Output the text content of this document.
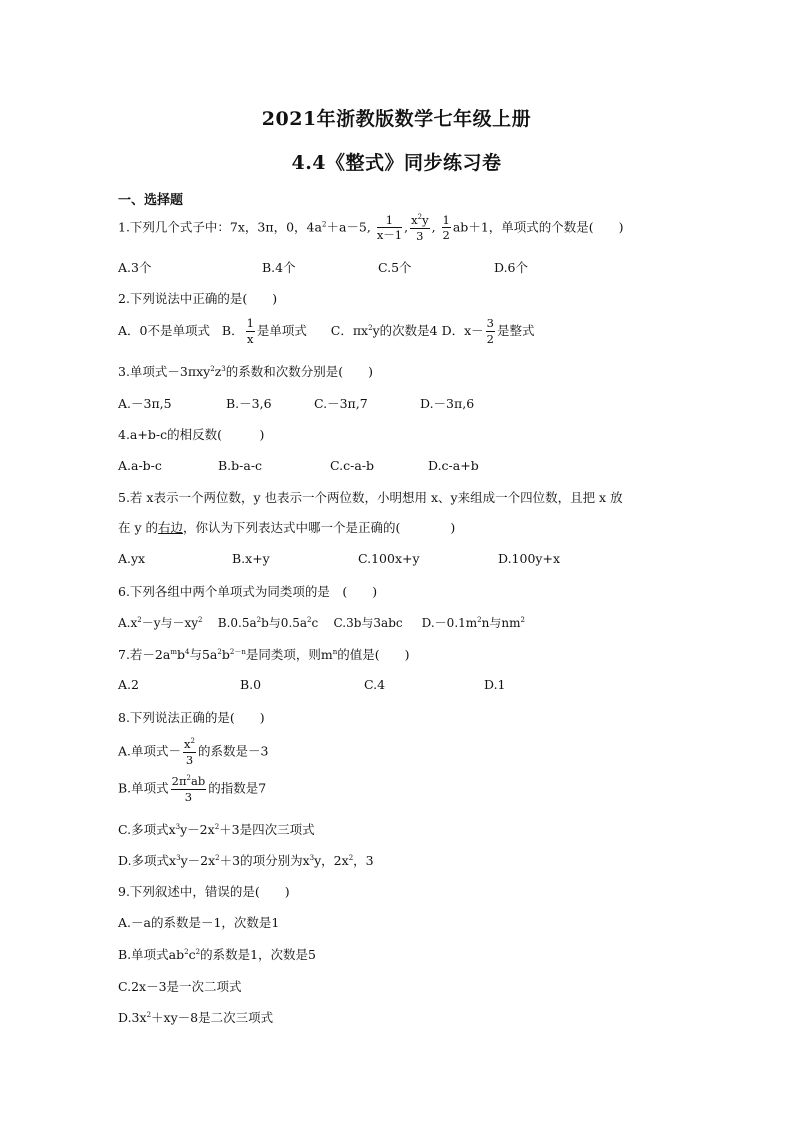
2021年浙教版数学七年级上册
4.4《整式》同步练习卷
一、选择题
1.下列几个式子中：7x，3π，0，$4a^2+a-5$, $\frac{1}{x-1}$ , $\frac{x^2y}{3}$ , $\frac{1}{2} ab+1$，单项式的个数是(　　)
A.3个	B.4个	C.5个	D.6个
2.下列说法中正确的是(　　)
A．0不是单项式 B． $\frac{1}{x}$ 是单项式 C．$\pi x^2y$的次数是4 D．$x- \frac{3}{2}$ 是整式
3.单项式$-3\pi xy^2z^3$的系数和次数分别是(　　)
A.－3π,5	B.－3,6	C.－3π,7	D.－3π,6
4.a+b-c的相反数(　　　)
A.a-b-c	B.b-a-c	C.c-a-b	D.c-a+b
5.若 x表示一个两位数，y 也表示一个两位数，小明想用 x、y来组成一个四位数，且把 x 放
在 y 的右边，你认为下列表达式中哪一个是正确的(　　　　)
A.yx	B.x+y	C.100x+y	D.100y+x
6.下列各组中两个单项式为同类项的是　(　　)
$A.x^2-y$与$-xy^2$ $B.0.5a^2b$与$0.5a^2c$ C.3b与3abc $D.-0.1m^2n$与$nm^2$
7.若$-2a^mb^4$与$5a^2b^{2-n}$是同类项，则$m^n$的值是(　　)
A.2	B.0	C.4	D.1
8.下列说法正确的是(　　)
A.单项式－ $\frac{x^2}{3}$ 的系数是－3
B.单项式 $\frac{2\pi^2ab}{3}$ 的指数是7
C.多项式$x^3y-2x^2+3$是四次三项式
D.多项式$x^3y-2x^2+3$的项分别为$x^3y$，$2x^2$，3
9.下列叙述中，错误的是(　　)
A.－a的系数是－1，次数是1
B.单项式$ab^2c^2$的系数是1，次数是5
C.2x－3是一次二项式
$D.3x^2+xy-8$是二次三项式
